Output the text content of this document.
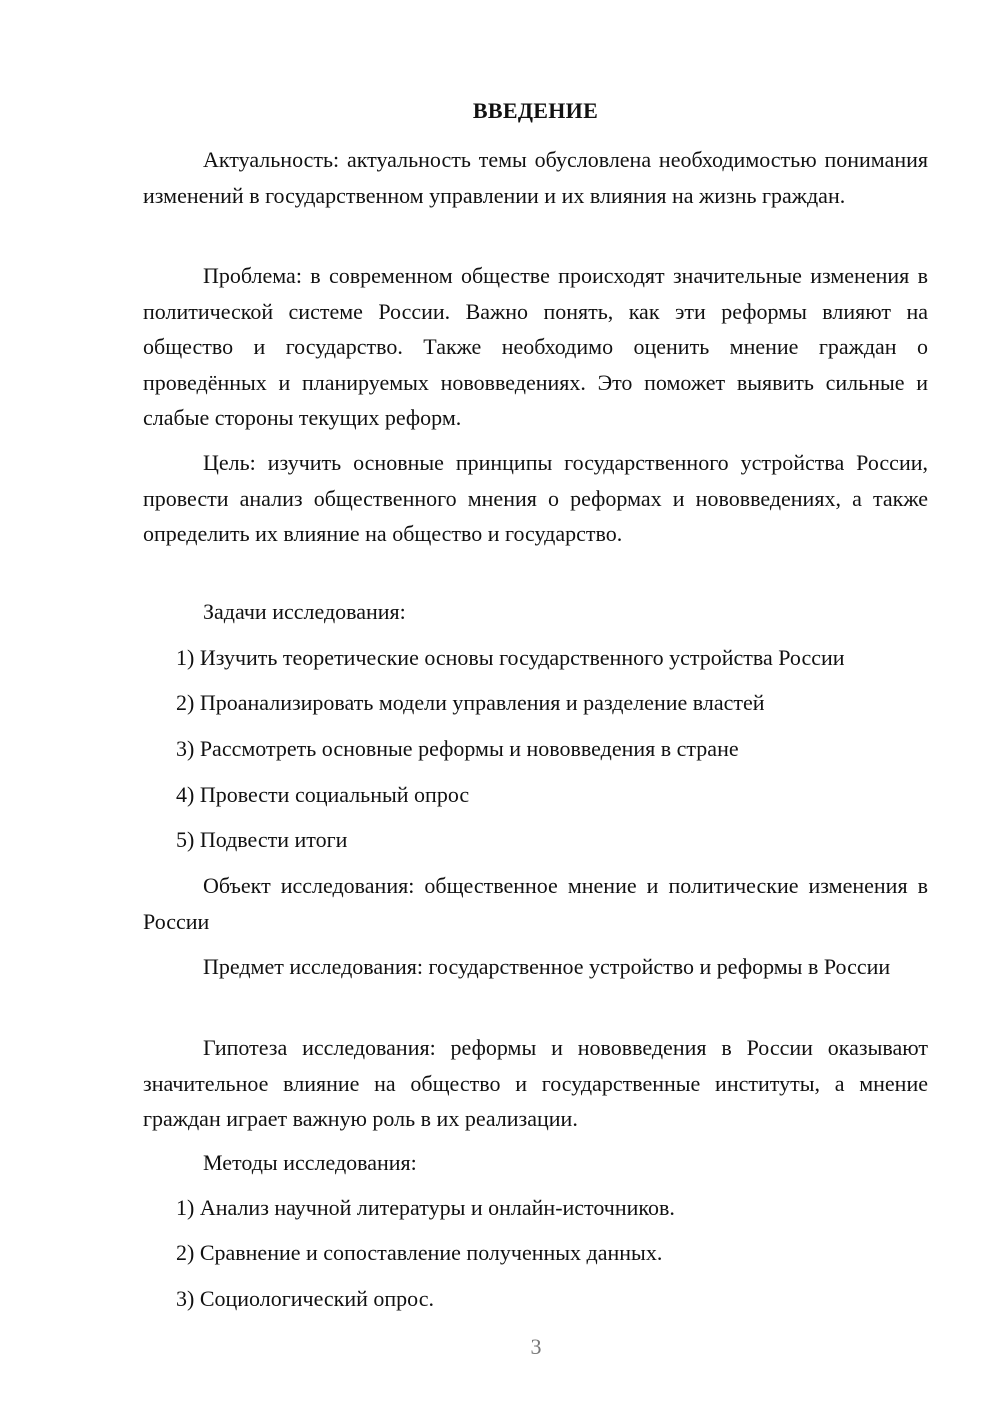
ВВЕДЕНИЕ

Актуальность: актуальность темы обусловлена необходимостью понимания изменений в государственном управлении и их влияния на жизнь граждан.

Проблема: в современном обществе происходят значительные изменения в политической системе России. Важно понять, как эти реформы влияют на общество и государство. Также необходимо оценить мнение граждан о проведённых и планируемых нововведениях. Это поможет выявить сильные и слабые стороны текущих реформ.

Цель: изучить основные принципы государственного устройства России, провести анализ общественного мнения о реформах и нововведениях, а также определить их влияние на общество и государство.

Задачи исследования:

1) Изучить теоретические основы государственного устройства России

2) Проанализировать модели управления и разделение властей

3) Рассмотреть основные реформы и нововведения в стране

4) Провести социальный опрос

5) Подвести итоги

Объект исследования: общественное мнение и политические изменения в России

Предмет исследования: государственное устройство и реформы в России

Гипотеза исследования: реформы и нововведения в России оказывают значительное влияние на общество и государственные институты, а мнение граждан играет важную роль в их реализации.

Методы исследования:

1) Анализ научной литературы и онлайн-источников.

2) Сравнение и сопоставление полученных данных.

3) Социологический опрос.

3
